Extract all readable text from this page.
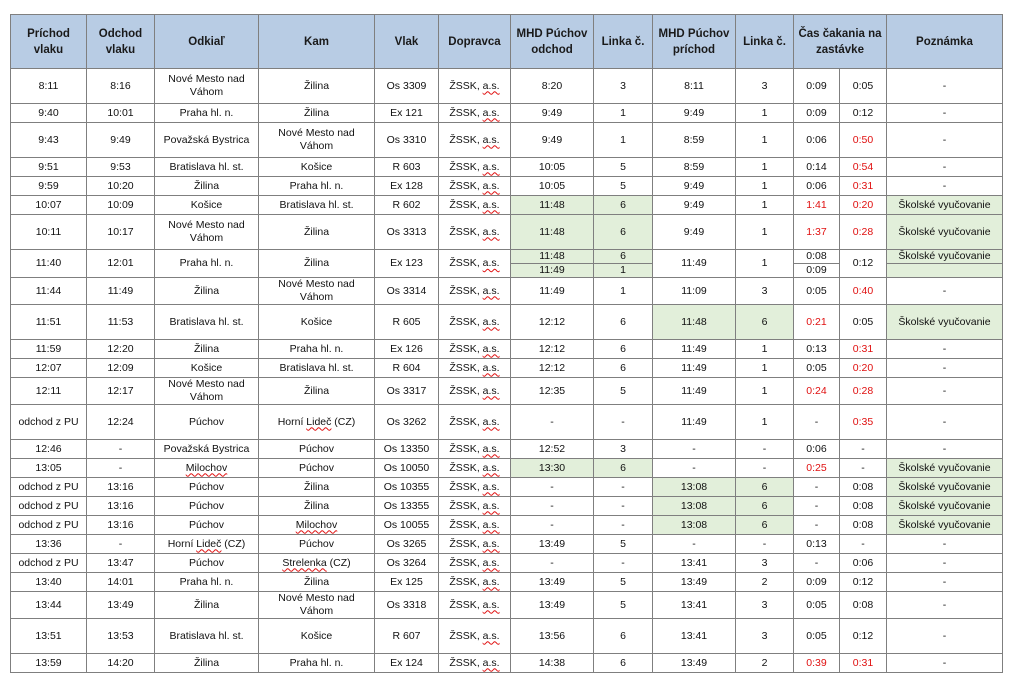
Príchod vlaku	Odchod vlaku	Odkiaľ	Kam	Vlak	Dopravca	MHD Púchov odchod	Linka č.	MHD Púchov príchod	Linka č.	Čas čakania na zastávke		Poznámka
8:11	8:16	Nové Mesto nad Váhom	Žilina	Os 3309	ŽSSK, a.s.	8:20	3	8:11	3	0:09	0:05	-
9:40	10:01	Praha hl. n.	Žilina	Ex 121	ŽSSK, a.s.	9:49	1	9:49	1	0:09	0:12	-
9:43	9:49	Považská Bystrica	Nové Mesto nad Váhom	Os 3310	ŽSSK, a.s.	9:49	1	8:59	1	0:06	0:50	-
9:51	9:53	Bratislava hl. st.	Košice	R 603	ŽSSK, a.s.	10:05	5	8:59	1	0:14	0:54	-
9:59	10:20	Žilina	Praha hl. n.	Ex 128	ŽSSK, a.s.	10:05	5	9:49	1	0:06	0:31	-
10:07	10:09	Košice	Bratislava hl. st.	R 602	ŽSSK, a.s.	11:48	6	9:49	1	1:41	0:20	Školské vyučovanie
10:11	10:17	Nové Mesto nad Váhom	Žilina	Os 3313	ŽSSK, a.s.	11:48	6	9:49	1	1:37	0:28	Školské vyučovanie
11:40	12:01	Praha hl. n.	Žilina	Ex 123	ŽSSK, a.s.	11:48	6	11:49	1	0:08	0:12	Školské vyučovanie
						11:49	1			0:09		
11:44	11:49	Žilina	Nové Mesto nad Váhom	Os 3314	ŽSSK, a.s.	11:49	1	11:09	3	0:05	0:40	-
11:51	11:53	Bratislava hl. st.	Košice	R 605	ŽSSK, a.s.	12:12	6	11:48	6	0:21	0:05	Školské vyučovanie
11:59	12:20	Žilina	Praha hl. n.	Ex 126	ŽSSK, a.s.	12:12	6	11:49	1	0:13	0:31	-
12:07	12:09	Košice	Bratislava hl. st.	R 604	ŽSSK, a.s.	12:12	6	11:49	1	0:05	0:20	-
12:11	12:17	Nové Mesto nad Váhom	Žilina	Os 3317	ŽSSK, a.s.	12:35	5	11:49	1	0:24	0:28	-
odchod z PU	12:24	Púchov	Horní Lideč (CZ)	Os 3262	ŽSSK, a.s.	-	-	11:49	1	-	0:35	-
12:46	-	Považská Bystrica	Púchov	Os 13350	ŽSSK, a.s.	12:52	3	-	-	0:06	-	-
13:05	-	Milochov	Púchov	Os 10050	ŽSSK, a.s.	13:30	6	-	-	0:25	-	Školské vyučovanie
odchod z PU	13:16	Púchov	Žilina	Os 10355	ŽSSK, a.s.	-	-	13:08	6	-	0:08	Školské vyučovanie
odchod z PU	13:16	Púchov	Žilina	Os 13355	ŽSSK, a.s.	-	-	13:08	6	-	0:08	Školské vyučovanie
odchod z PU	13:16	Púchov	Milochov	Os 10055	ŽSSK, a.s.	-	-	13:08	6	-	0:08	Školské vyučovanie
13:36	-	Horní Lideč (CZ)	Púchov	Os 3265	ŽSSK, a.s.	13:49	5	-	-	0:13	-	-
odchod z PU	13:47	Púchov	Strelenka (CZ)	Os 3264	ŽSSK, a.s.	-	-	13:41	3	-	0:06	-
13:40	14:01	Praha hl. n.	Žilina	Ex 125	ŽSSK, a.s.	13:49	5	13:49	2	0:09	0:12	-
13:44	13:49	Žilina	Nové Mesto nad Váhom	Os 3318	ŽSSK, a.s.	13:49	5	13:41	3	0:05	0:08	-
13:51	13:53	Bratislava hl. st.	Košice	R 607	ŽSSK, a.s.	13:56	6	13:41	3	0:05	0:12	-
13:59	14:20	Žilina	Praha hl. n.	Ex 124	ŽSSK, a.s.	14:38	6	13:49	2	0:39	0:31	-
